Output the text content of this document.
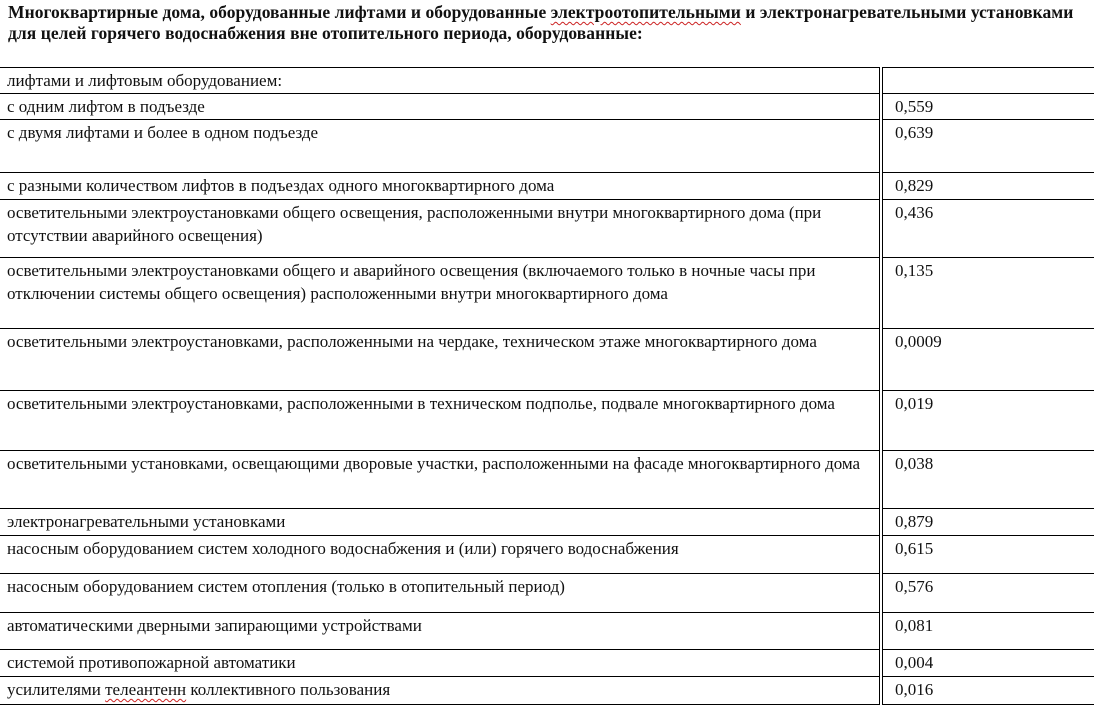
Многоквартирные дома, оборудованные лифтами и оборудованные электроотопительными и электронагревательными установками для целей горячего водоснабжения вне отопительного периода, оборудованные:

лифтами и лифтовым оборудованием:	
с одним лифтом в подъезде	0,559
с двумя лифтами и более в одном подъезде	0,639
с разными количеством лифтов в подъездах одного многоквартирного дома	0,829
осветительными электроустановками общего освещения, расположенными внутри многоквартирного дома (при отсутствии аварийного освещения)	0,436
осветительными электроустановками общего и аварийного освещения (включаемого только в ночные часы при отключении системы общего освещения) расположенными внутри многоквартирного дома	0,135
осветительными электроустановками, расположенными на чердаке, техническом этаже многоквартирного дома	0,0009
осветительными электроустановками, расположенными в техническом подполье, подвале многоквартирного дома	0,019
осветительными установками, освещающими дворовые участки, расположенными на фасаде многоквартирного дома	0,038
электронагревательными установками	0,879
насосным оборудованием систем холодного водоснабжения и (или) горячего водоснабжения	0,615
насосным оборудованием систем отопления (только в отопительный период)	0,576
автоматическими дверными запирающими устройствами	0,081
системой противопожарной автоматики	0,004
усилителями телеантенн коллективного пользования	0,016
